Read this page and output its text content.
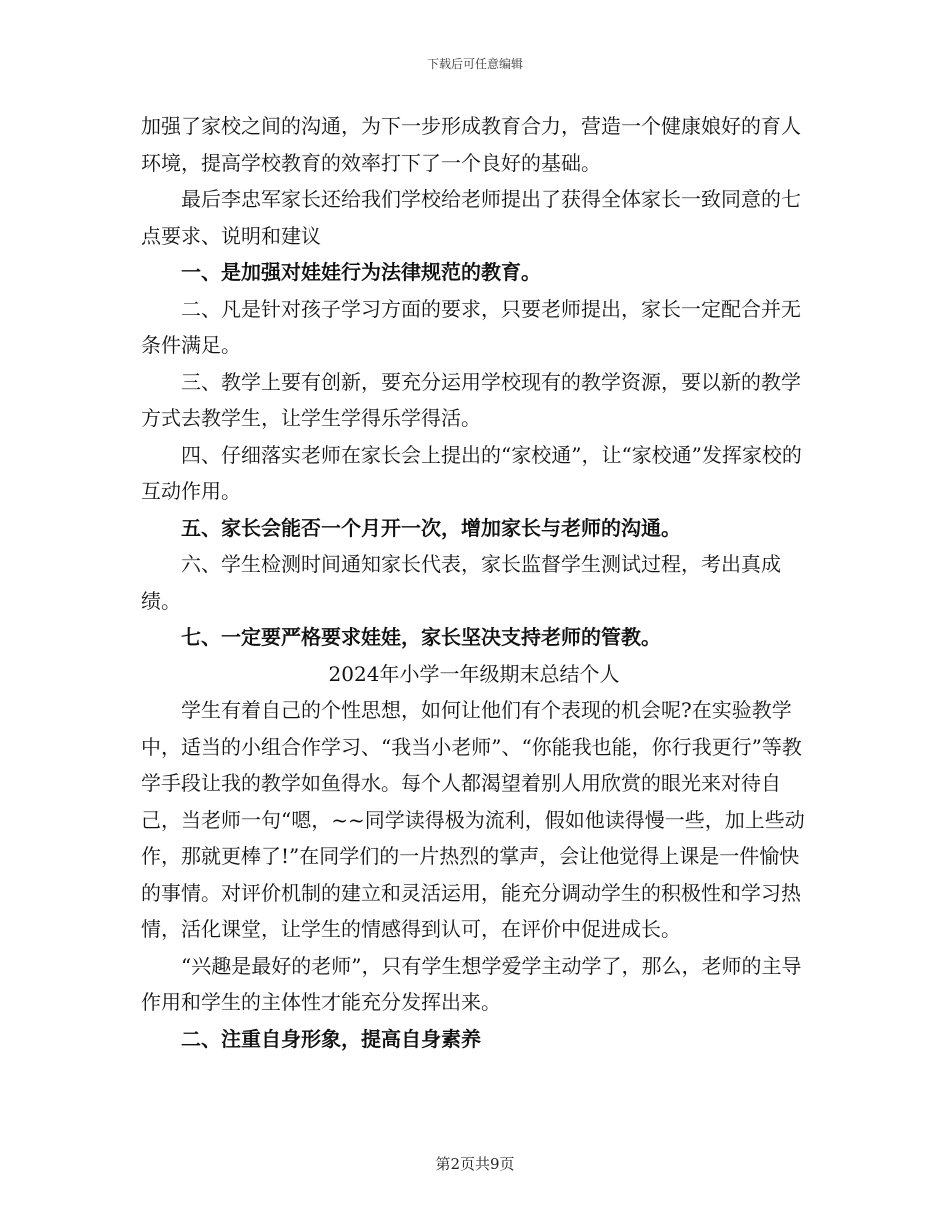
下载后可任意编辑

加强了家校之间的沟通，为下一步形成教育合力，营造一个健康娘好的育人环境，提高学校教育的效率打下了一个良好的基础。

最后李忠军家长还给我们学校给老师提出了获得全体家长一致同意的七点要求、说明和建议

一、是加强对娃娃行为法律规范的教育。

二、凡是针对孩子学习方面的要求，只要老师提出，家长一定配合并无条件满足。

三、教学上要有创新，要充分运用学校现有的教学资源，要以新的教学方式去教学生，让学生学得乐学得活。

四、仔细落实老师在家长会上提出的“家校通”，让“家校通”发挥家校的互动作用。

五、家长会能否一个月开一次，增加家长与老师的沟通。

六、学生检测时间通知家长代表，家长监督学生测试过程，考出真成绩。

七、一定要严格要求娃娃，家长坚决支持老师的管教。

2024年小学一年级期末总结个人

学生有着自己的个性思想，如何让他们有个表现的机会呢?在实验教学中，适当的小组合作学习、“我当小老师”、“你能我也能，你行我更行”等教学手段让我的教学如鱼得水。每个人都渴望着别人用欣赏的眼光来对待自己，当老师一句“嗯，~~同学读得极为流利，假如他读得慢一些，加上些动作，那就更棒了!”在同学们的一片热烈的掌声，会让他觉得上课是一件愉快的事情。对评价机制的建立和灵活运用，能充分调动学生的积极性和学习热情，活化课堂，让学生的情感得到认可，在评价中促进成长。

“兴趣是最好的老师”，只有学生想学爱学主动学了，那么，老师的主导作用和学生的主体性才能充分发挥出来。

二、注重自身形象，提高自身素养

第2页共9页
